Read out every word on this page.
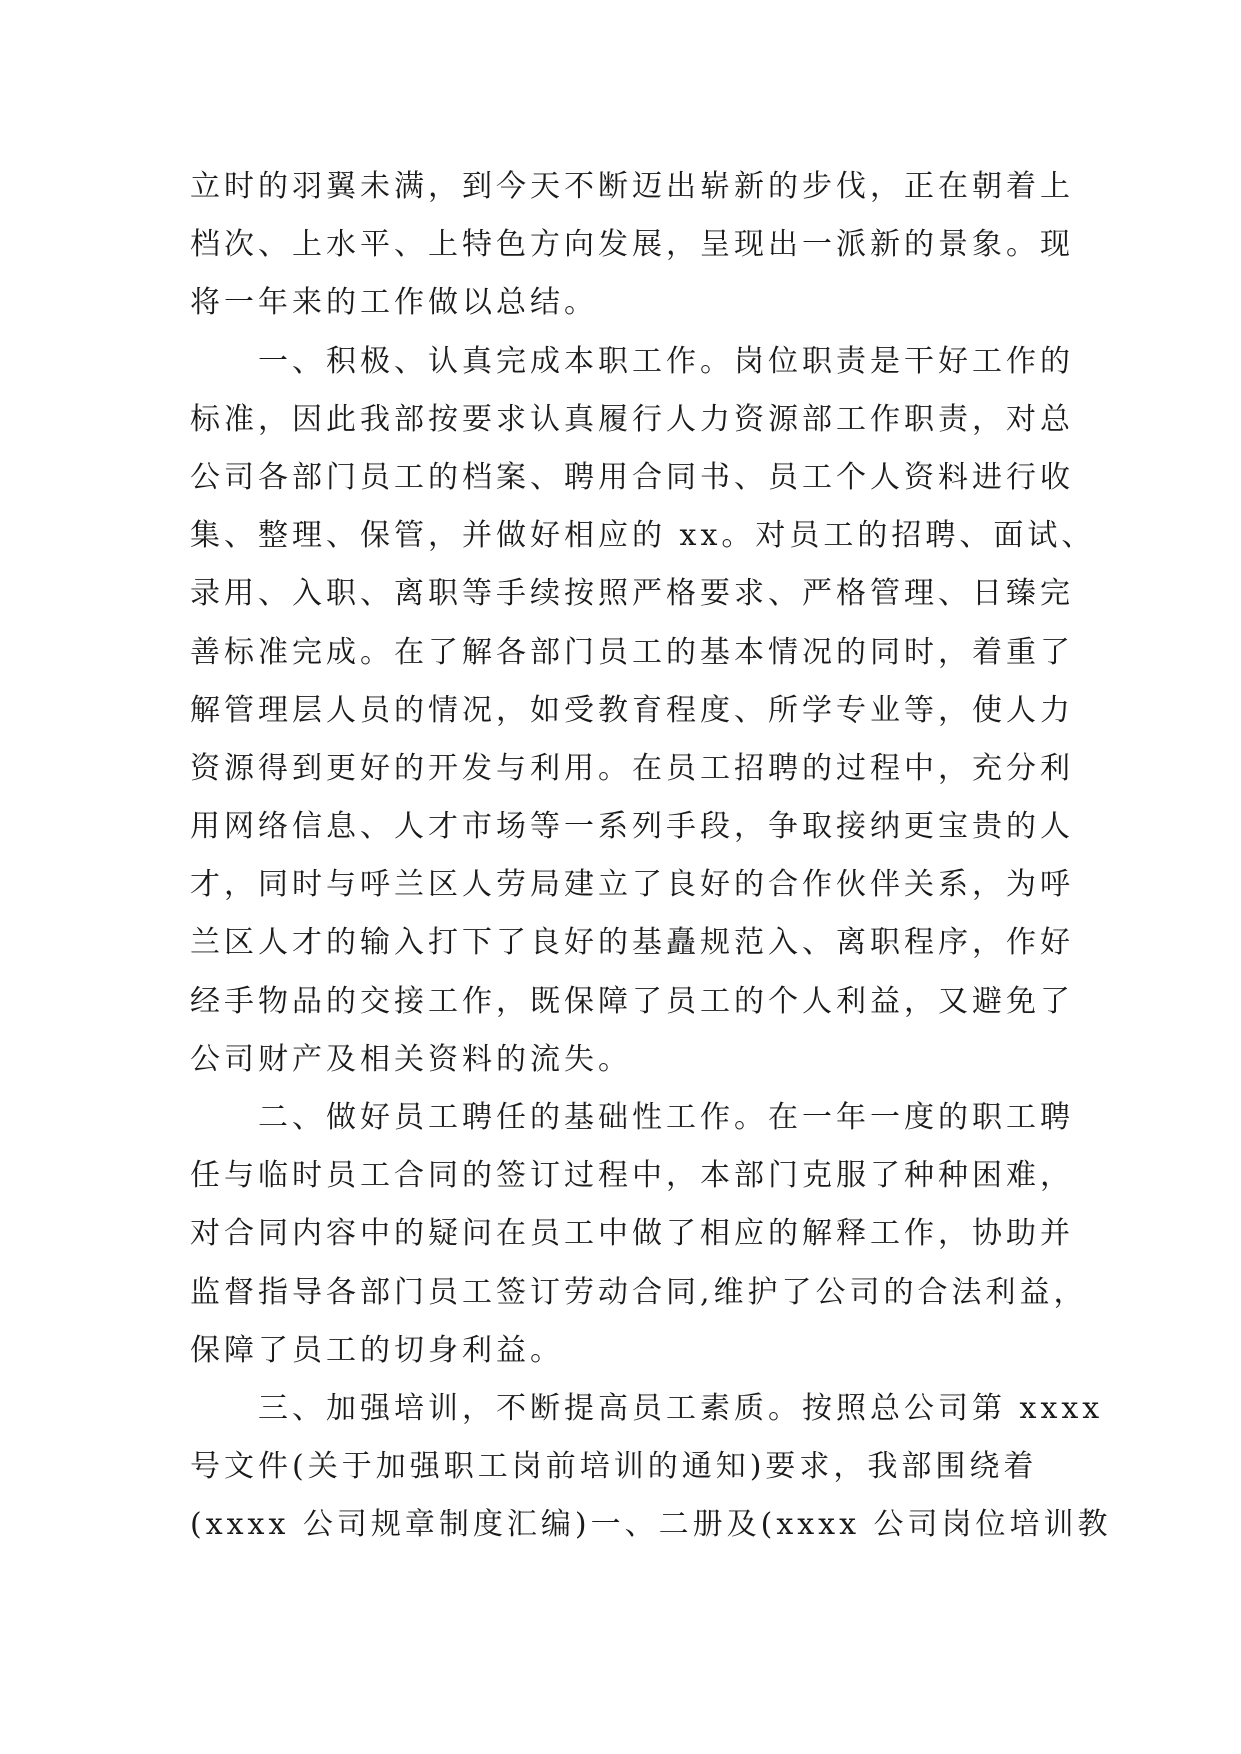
立时的羽翼未满，到今天不断迈出崭新的步伐，正在朝着上
档次、上水平、上特色方向发展，呈现出一派新的景象。现
将一年来的工作做以总结。
　　一、积极、认真完成本职工作。岗位职责是干好工作的
标准，因此我部按要求认真履行人力资源部工作职责，对总
公司各部门员工的档案、聘用合同书、员工个人资料进行收
集、整理、保管，并做好相应的 xx。对员工的招聘、面试、
录用、入职、离职等手续按照严格要求、严格管理、日臻完
善标准完成。在了解各部门员工的基本情况的同时，着重了
解管理层人员的情况，如受教育程度、所学专业等，使人力
资源得到更好的开发与利用。在员工招聘的过程中，充分利
用网络信息、人才市场等一系列手段，争取接纳更宝贵的人
才，同时与呼兰区人劳局建立了良好的合作伙伴关系，为呼
兰区人才的输入打下了良好的基矗规范入、离职程序，作好
经手物品的交接工作，既保障了员工的个人利益，又避免了
公司财产及相关资料的流失。
　　二、做好员工聘任的基础性工作。在一年一度的职工聘
任与临时员工合同的签订过程中，本部门克服了种种困难，
对合同内容中的疑问在员工中做了相应的解释工作，协助并
监督指导各部门员工签订劳动合同,维护了公司的合法利益，
保障了员工的切身利益。
　　三、加强培训，不断提高员工素质。按照总公司第 xxxx
号文件(关于加强职工岗前培训的通知)要求，我部围绕着
(xxxx 公司规章制度汇编)一、二册及(xxxx 公司岗位培训教
